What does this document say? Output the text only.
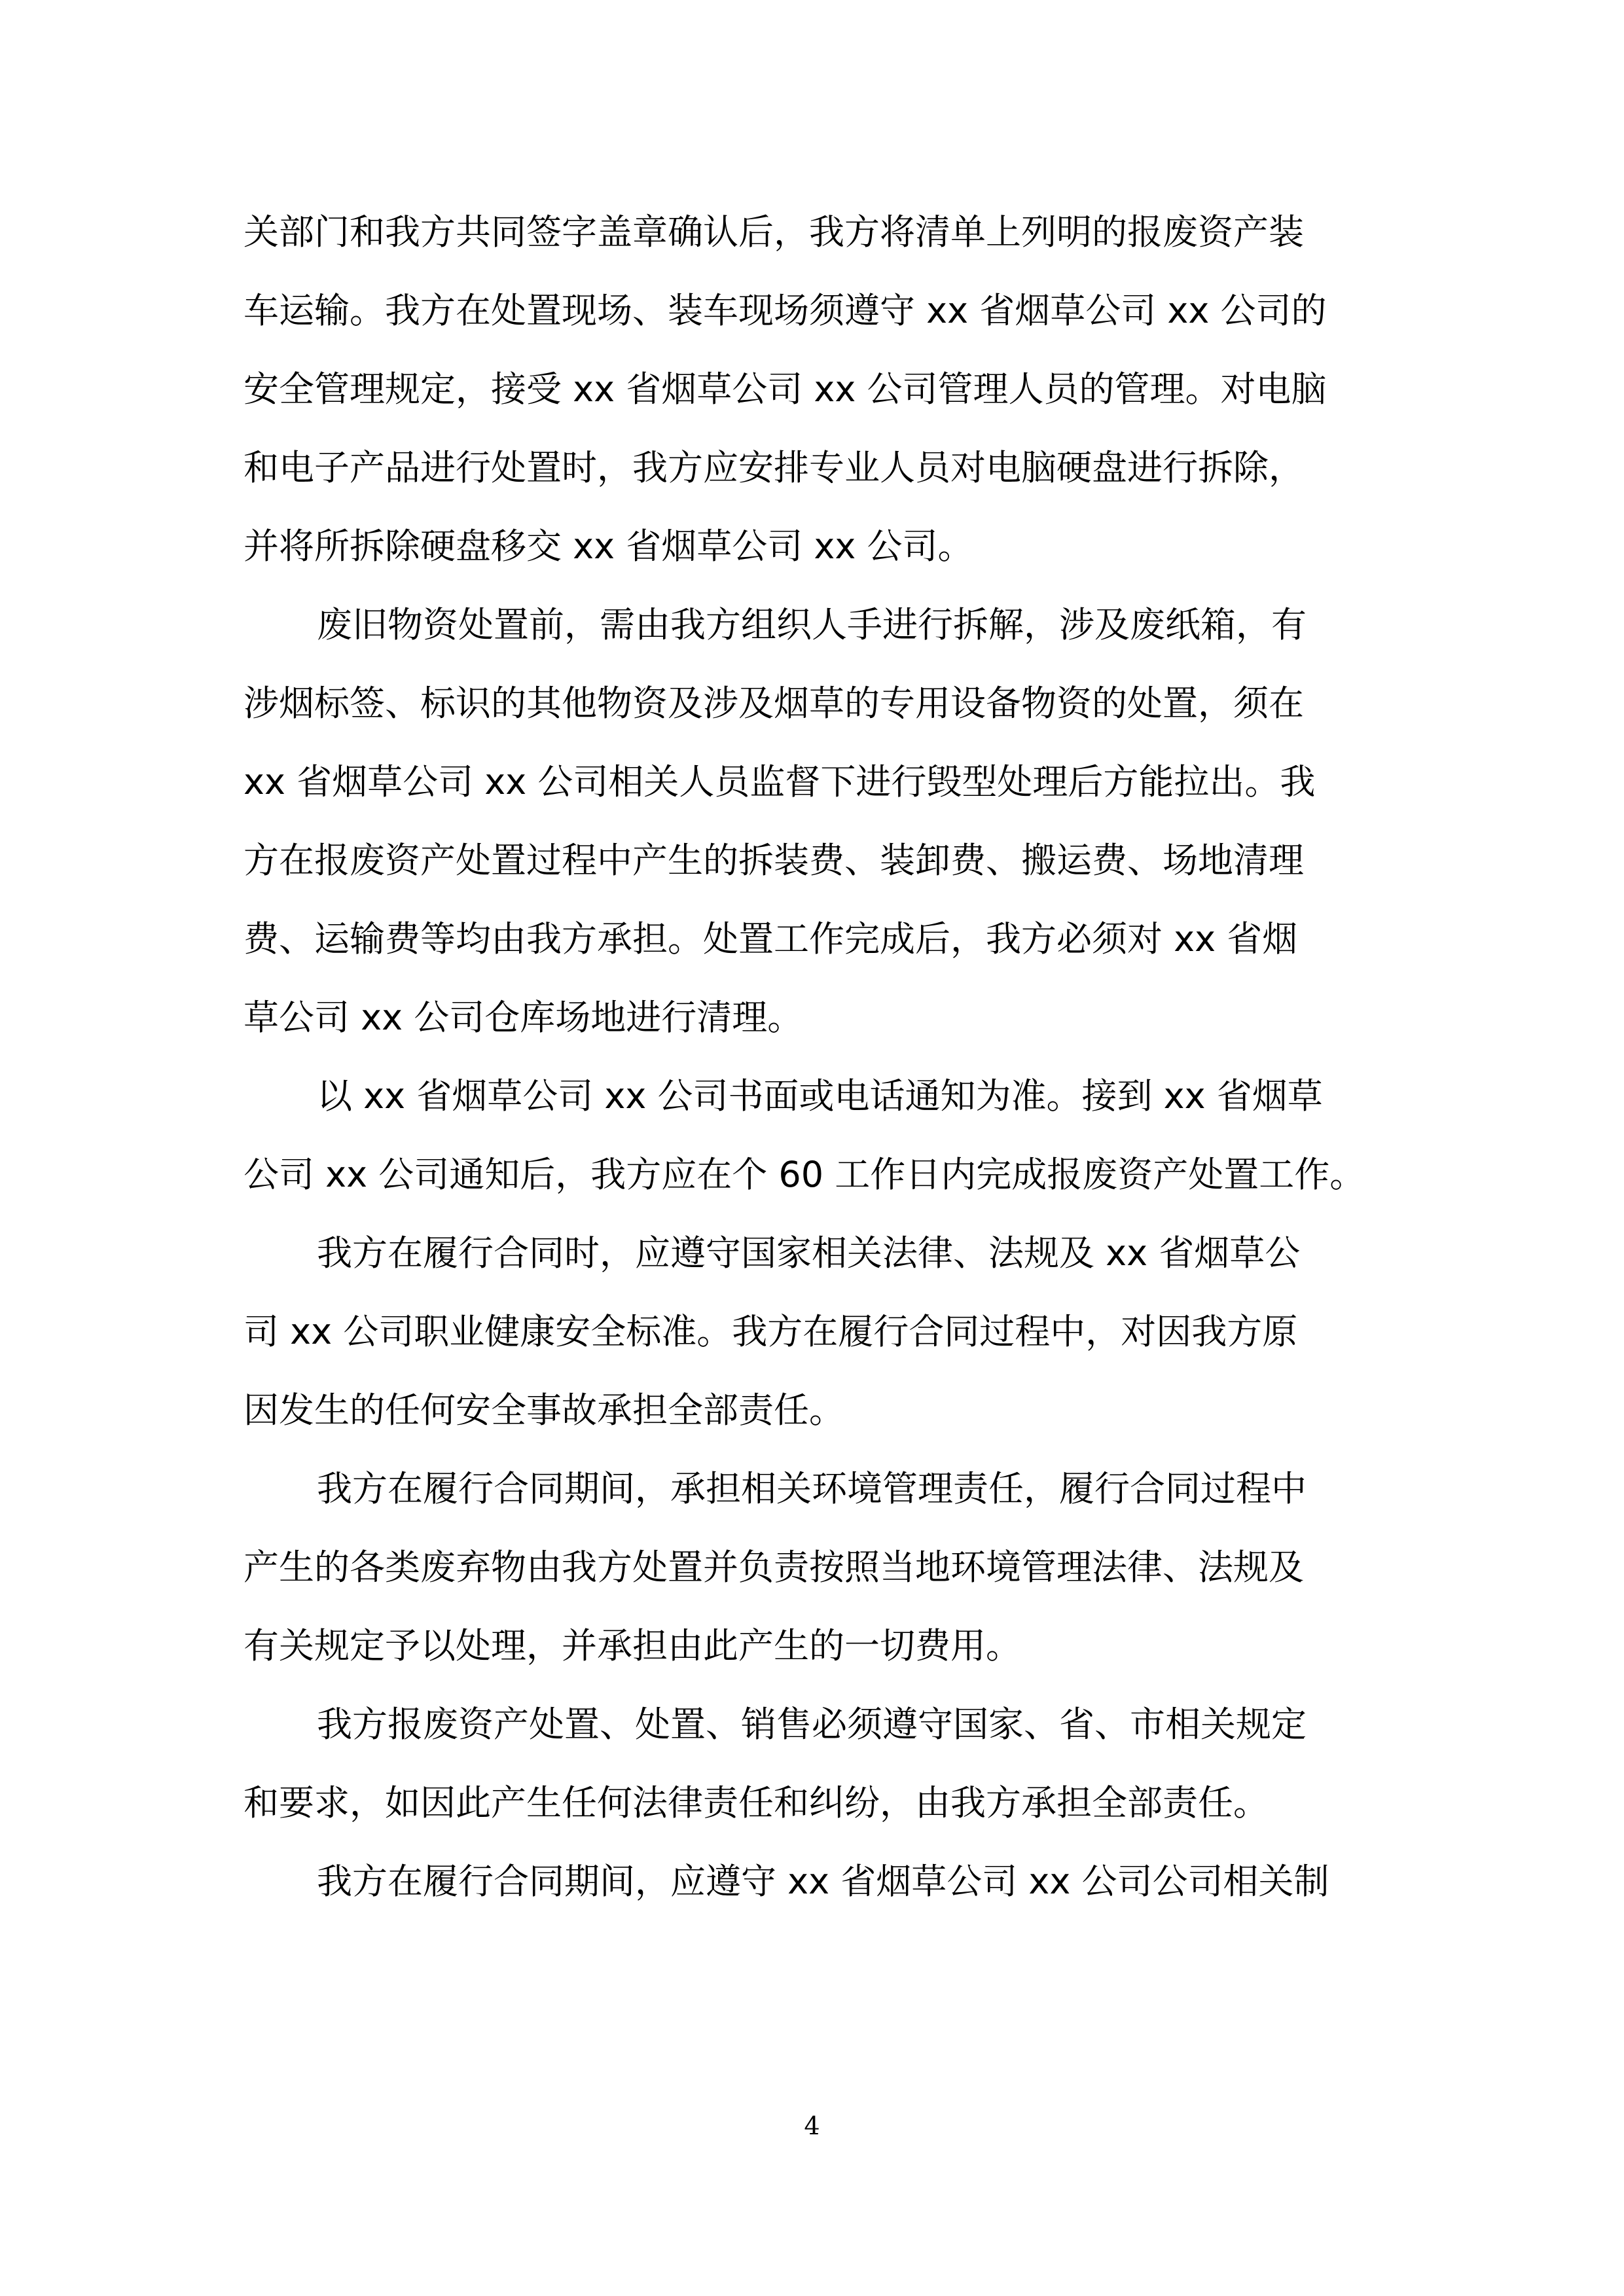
关部门和我方共同签字盖章确认后，我方将清单上列明的报废资产装
车运输。我方在处置现场、装车现场须遵守 xx 省烟草公司 xx 公司的
安全管理规定，接受 xx 省烟草公司 xx 公司管理人员的管理。对电脑
和电子产品进行处置时，我方应安排专业人员对电脑硬盘进行拆除，
并将所拆除硬盘移交 xx 省烟草公司 xx 公司。
废旧物资处置前，需由我方组织人手进行拆解，涉及废纸箱，有
涉烟标签、标识的其他物资及涉及烟草的专用设备物资的处置，须在
xx 省烟草公司 xx 公司相关人员监督下进行毁型处理后方能拉出。我
方在报废资产处置过程中产生的拆装费、装卸费、搬运费、场地清理
费、运输费等均由我方承担。处置工作完成后，我方必须对 xx 省烟
草公司 xx 公司仓库场地进行清理。
以 xx 省烟草公司 xx 公司书面或电话通知为准。接到 xx 省烟草
公司 xx 公司通知后，我方应在个 60 工作日内完成报废资产处置工作。
我方在履行合同时，应遵守国家相关法律、法规及 xx 省烟草公
司 xx 公司职业健康安全标准。我方在履行合同过程中，对因我方原
因发生的任何安全事故承担全部责任。
我方在履行合同期间，承担相关环境管理责任，履行合同过程中
产生的各类废弃物由我方处置并负责按照当地环境管理法律、法规及
有关规定予以处理，并承担由此产生的一切费用。
我方报废资产处置、处置、销售必须遵守国家、省、市相关规定
和要求，如因此产生任何法律责任和纠纷，由我方承担全部责任。
我方在履行合同期间，应遵守 xx 省烟草公司 xx 公司公司相关制
4
